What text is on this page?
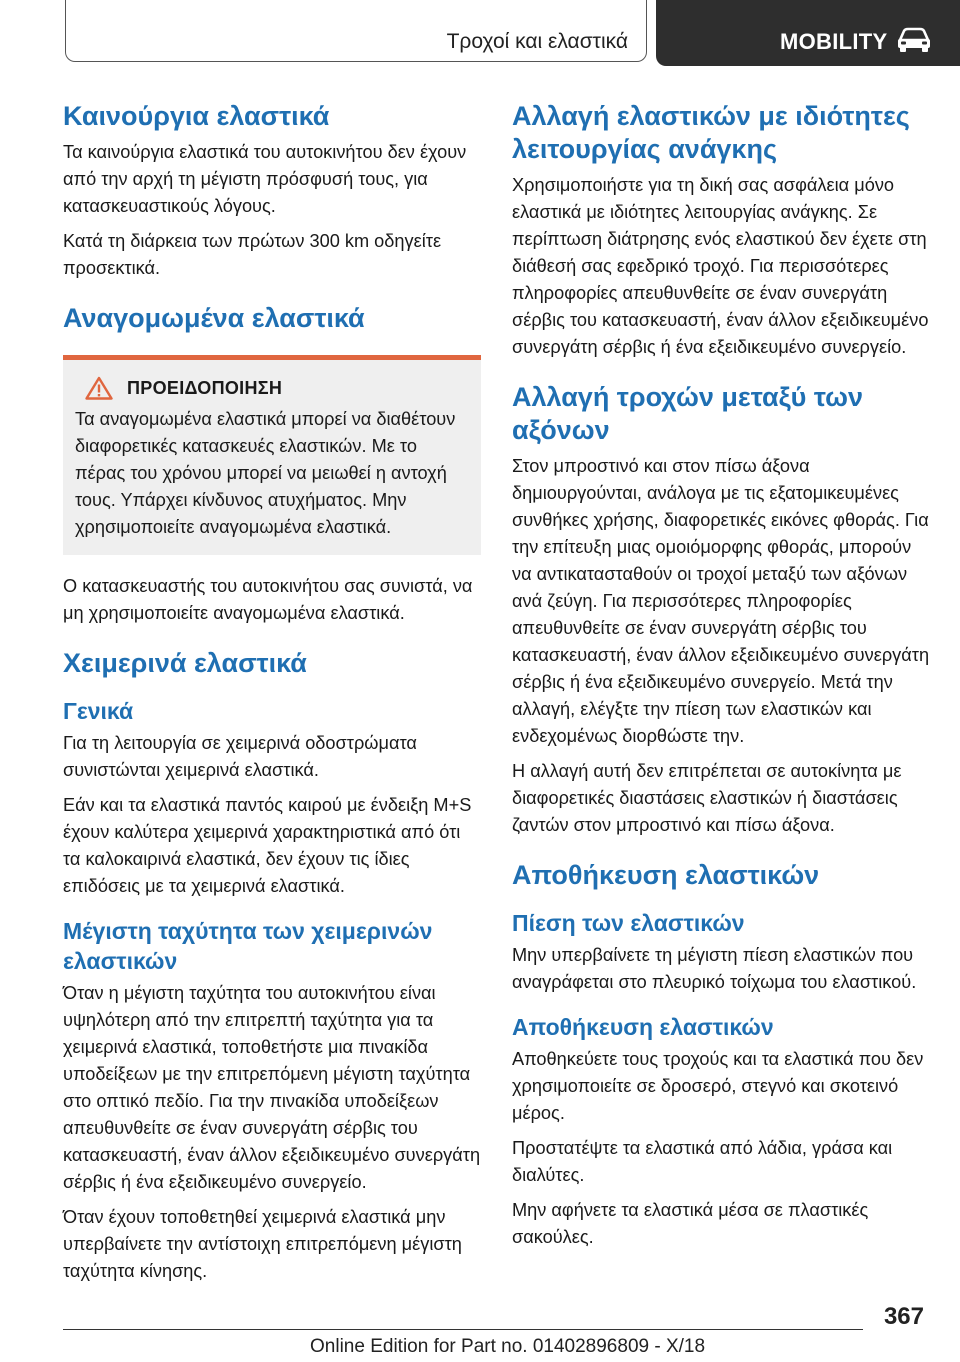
Τροχοί και ελαστικά	MOBILITY
Καινούργια ελαστικά

Τα καινούργια ελαστικά του αυτοκινήτου δεν έχουν από την αρχή τη μέγιστη πρόσφυσή τους, για κατασκευαστικούς λόγους.

Κατά τη διάρκεια των πρώτων 300 km οδηγείτε προσεκτικά.

Αναγομωμένα ελαστικά
ΠΡΟΕΙΔΟΠΟΙΗΣΗ

Τα αναγομωμένα ελαστικά μπορεί να διαθέτουν διαφορετικές κατασκευές ελαστικών. Με το πέρας του χρόνου μπορεί να μειωθεί η αντοχή τους. Υπάρχει κίνδυνος ατυχήματος. Μην χρησιμοποιείτε αναγομωμένα ελαστικά.

Ο κατασκευαστής του αυτοκινήτου σας συνιστά, να μη χρησιμοποιείτε αναγομωμένα ελαστικά.

Χειμερινά ελαστικά
Γενικά

Για τη λειτουργία σε χειμερινά οδοστρώματα συνιστώνται χειμερινά ελαστικά.

Εάν και τα ελαστικά παντός καιρού με ένδειξη M+S έχουν καλύτερα χειμερινά χαρακτηριστικά από ότι τα καλοκαιρινά ελαστικά, δεν έχουν τις ίδιες επιδόσεις με τα χειμερινά ελαστικά.

Μέγιστη ταχύτητα των χειμερινών ελαστικών

Όταν η μέγιστη ταχύτητα του αυτοκινήτου είναι υψηλότερη από την επιτρεπτή ταχύτητα για τα χειμερινά ελαστικά, τοποθετήστε μια πινακίδα υποδείξεων με την επιτρεπόμενη μέγιστη ταχύτητα στο οπτικό πεδίο. Για την πινακίδα υποδείξεων απευθυνθείτε σε έναν συνεργάτη σέρβις του κατασκευαστή, έναν άλλον εξειδικευμένο συνεργάτη σέρβις ή ένα εξειδικευμένο συνεργείο.

Όταν έχουν τοποθετηθεί χειμερινά ελαστικά μην υπερβαίνετε την αντίστοιχη επιτρεπόμενη μέγιστη ταχύτητα κίνησης.

Αλλαγή ελαστικών με ιδιότητες λειτουργίας ανάγκης

Χρησιμοποιήστε για τη δική σας ασφάλεια μόνο ελαστικά με ιδιότητες λειτουργίας ανάγκης. Σε περίπτωση διάτρησης ενός ελαστικού δεν έχετε στη διάθεσή σας εφεδρικό τροχό. Για περισσότερες πληροφορίες απευθυνθείτε σε έναν συνεργάτη σέρβις του κατασκευαστή, έναν άλλον εξειδικευμένο συνεργάτη σέρβις ή ένα εξειδικευμένο συνεργείο.

Αλλαγή τροχών μεταξύ των αξόνων

Στον μπροστινό και στον πίσω άξονα δημιουργούνται, ανάλογα με τις εξατομικευμένες συνθήκες χρήσης, διαφορετικές εικόνες φθοράς. Για την επίτευξη μιας ομοιόμορφης φθοράς, μπορούν να αντικατασταθούν οι τροχοί μεταξύ των αξόνων ανά ζεύγη. Για περισσότερες πληροφορίες απευθυνθείτε σε έναν συνεργάτη σέρβις του κατασκευαστή, έναν άλλον εξειδικευμένο συνεργάτη σέρβις ή ένα εξειδικευμένο συνεργείο. Μετά την αλλαγή, ελέγξτε την πίεση των ελαστικών και ενδεχομένως διορθώστε την.

Η αλλαγή αυτή δεν επιτρέπεται σε αυτοκίνητα με διαφορετικές διαστάσεις ελαστικών ή διαστάσεις ζαντών στον μπροστινό και πίσω άξονα.

Αποθήκευση ελαστικών
Πίεση των ελαστικών

Μην υπερβαίνετε τη μέγιστη πίεση ελαστικών που αναγράφεται στο πλευρικό τοίχωμα του ελαστικού.

Αποθήκευση ελαστικών

Αποθηκεύετε τους τροχούς και τα ελαστικά που δεν χρησιμοποιείτε σε δροσερό, στεγνό και σκοτεινό μέρος.

Προστατέψτε τα ελαστικά από λάδια, γράσα και διαλύτες.

Μην αφήνετε τα ελαστικά μέσα σε πλαστικές σακούλες.

367
Online Edition for Part no. 01402896809 - X/18
